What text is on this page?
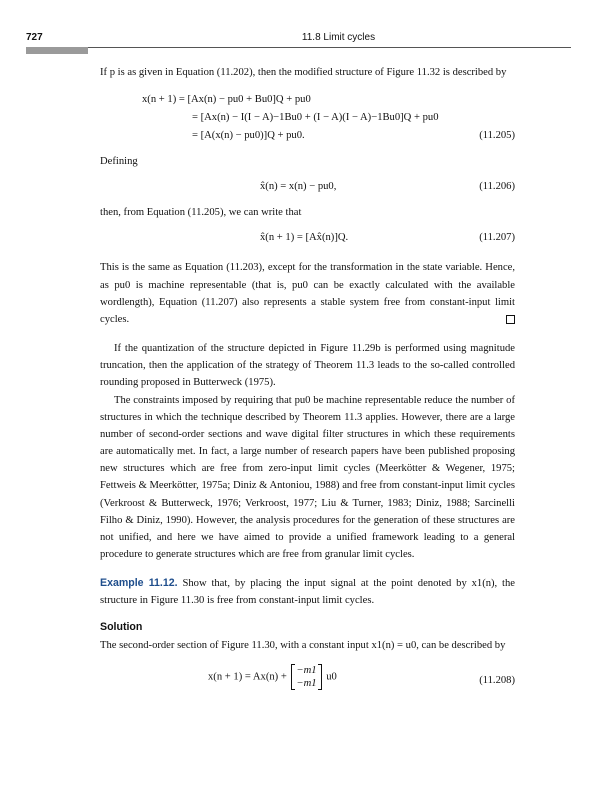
727	11.8 Limit cycles

If p is as given in Equation (11.202), then the modified structure of Figure 11.32 is described by

x(n + 1) = [Ax(n) − pu0 + Bu0]Q + pu0
= [Ax(n) − I(I − A)−1Bu0 + (I − A)(I − A)−1Bu0]Q + pu0
= [A(x(n) − pu0)]Q + pu0.	(11.205)

Defining

x̂(n) = x(n) − pu0,	(11.206)

then, from Equation (11.205), we can write that

x̂(n + 1) = [Ax̂(n)]Q.	(11.207)

This is the same as Equation (11.203), except for the transformation in the state variable. Hence, as pu0 is machine representable (that is, pu0 can be exactly calculated with the available wordlength), Equation (11.207) also represents a stable system free from constant-input limit cycles.

If the quantization of the structure depicted in Figure 11.29b is performed using magnitude truncation, then the application of the strategy of Theorem 11.3 leads to the so-called controlled rounding proposed in Butterweck (1975).

The constraints imposed by requiring that pu0 be machine representable reduce the number of structures in which the technique described by Theorem 11.3 applies. However, there are a large number of second-order sections and wave digital filter structures in which these requirements are automatically met. In fact, a large number of research papers have been published proposing new structures which are free from zero-input limit cycles (Meerkötter & Wegener, 1975; Fettweis & Meerkötter, 1975a; Diniz & Antoniou, 1988) and free from constant-input limit cycles (Verkroost & Butterweck, 1976; Verkroost, 1977; Liu & Turner, 1983; Diniz, 1988; Sarcinelli Filho & Diniz, 1990). However, the analysis procedures for the generation of these structures are not unified, and here we have aimed to provide a unified framework leading to a general procedure to generate structures which are free from granular limit cycles.

Example 11.12. Show that, by placing the input signal at the point denoted by x1(n), the structure in Figure 11.30 is free from constant-input limit cycles.

Solution

The second-order section of Figure 11.30, with a constant input x1(n) = u0, can be described by

x(n + 1) = Ax(n) +
−m1
−m1
u0	(11.208)
